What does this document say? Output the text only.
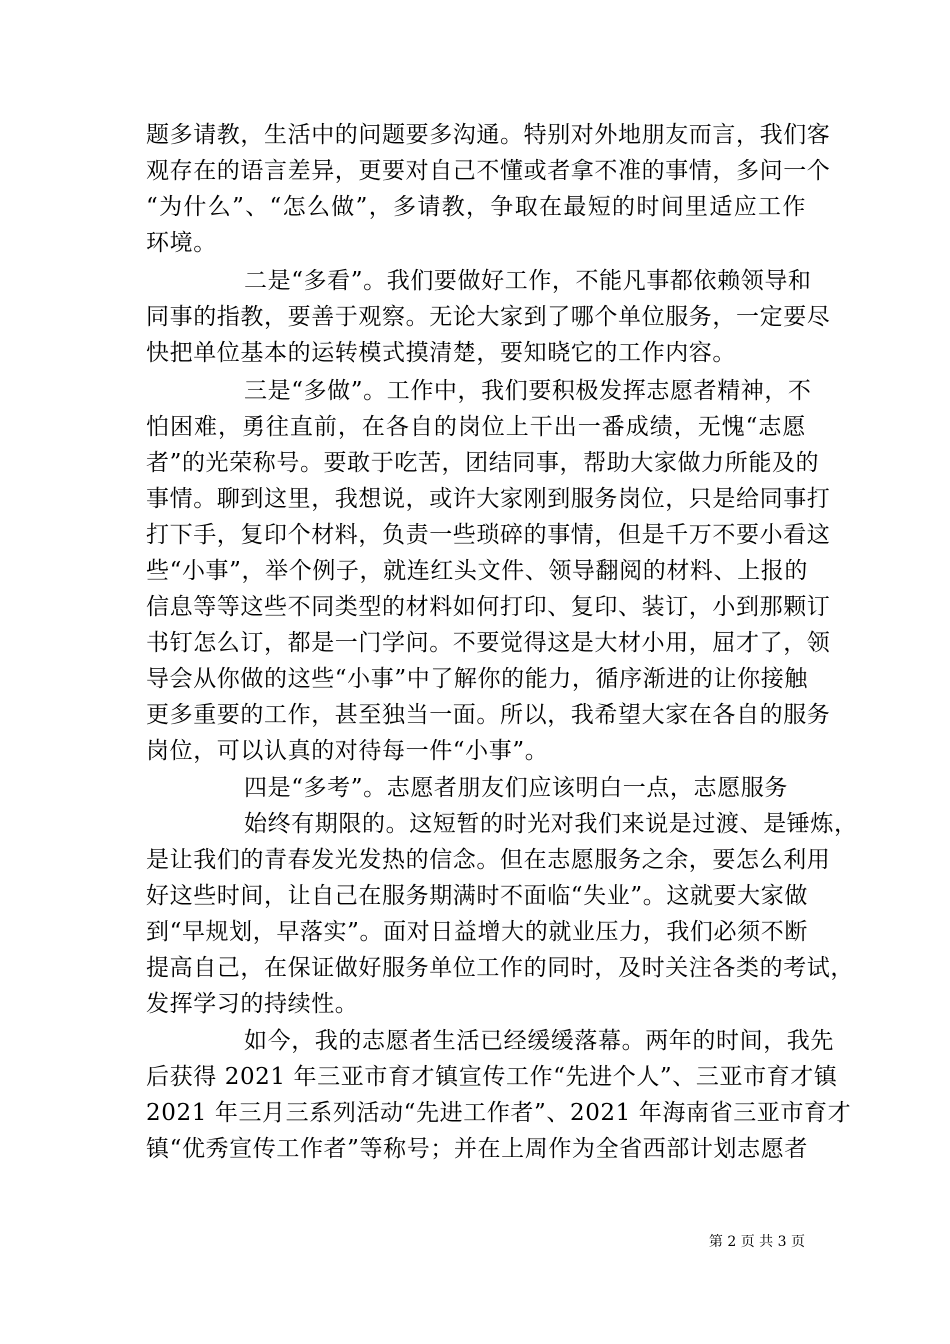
题多请教，生活中的问题要多沟通。特别对外地朋友而言，我们客
观存在的语言差异，更要对自己不懂或者拿不准的事情，多问一个
“为什么”、“怎么做”，多请教，争取在最短的时间里适应工作
环境。
二是“多看”。我们要做好工作，不能凡事都依赖领导和
同事的指教，要善于观察。无论大家到了哪个单位服务，一定要尽
快把单位基本的运转模式摸清楚，要知晓它的工作内容。
三是“多做”。工作中，我们要积极发挥志愿者精神，不
怕困难，勇往直前，在各自的岗位上干出一番成绩，无愧“志愿
者”的光荣称号。要敢于吃苦，团结同事，帮助大家做力所能及的
事情。聊到这里，我想说，或许大家刚到服务岗位，只是给同事打
打下手，复印个材料，负责一些琐碎的事情，但是千万不要小看这
些“小事”，举个例子，就连红头文件、领导翻阅的材料、上报的
信息等等这些不同类型的材料如何打印、复印、装订，小到那颗订
书钉怎么订，都是一门学问。不要觉得这是大材小用，屈才了，领
导会从你做的这些“小事”中了解你的能力，循序渐进的让你接触
更多重要的工作，甚至独当一面。所以，我希望大家在各自的服务
岗位，可以认真的对待每一件“小事”。
四是“多考”。志愿者朋友们应该明白一点，志愿服务
始终有期限的。这短暂的时光对我们来说是过渡、是锤炼，
是让我们的青春发光发热的信念。但在志愿服务之余，要怎么利用
好这些时间，让自己在服务期满时不面临“失业”。这就要大家做
到“早规划，早落实”。面对日益增大的就业压力，我们必须不断
提高自己，在保证做好服务单位工作的同时，及时关注各类的考试，
发挥学习的持续性。
如今，我的志愿者生活已经缓缓落幕。两年的时间，我先
后获得 2021 年三亚市育才镇宣传工作“先进个人”、三亚市育才镇
2021 年三月三系列活动“先进工作者”、2021 年海南省三亚市育才
镇“优秀宣传工作者”等称号；并在上周作为全省西部计划志愿者
第 2 页 共 3 页
